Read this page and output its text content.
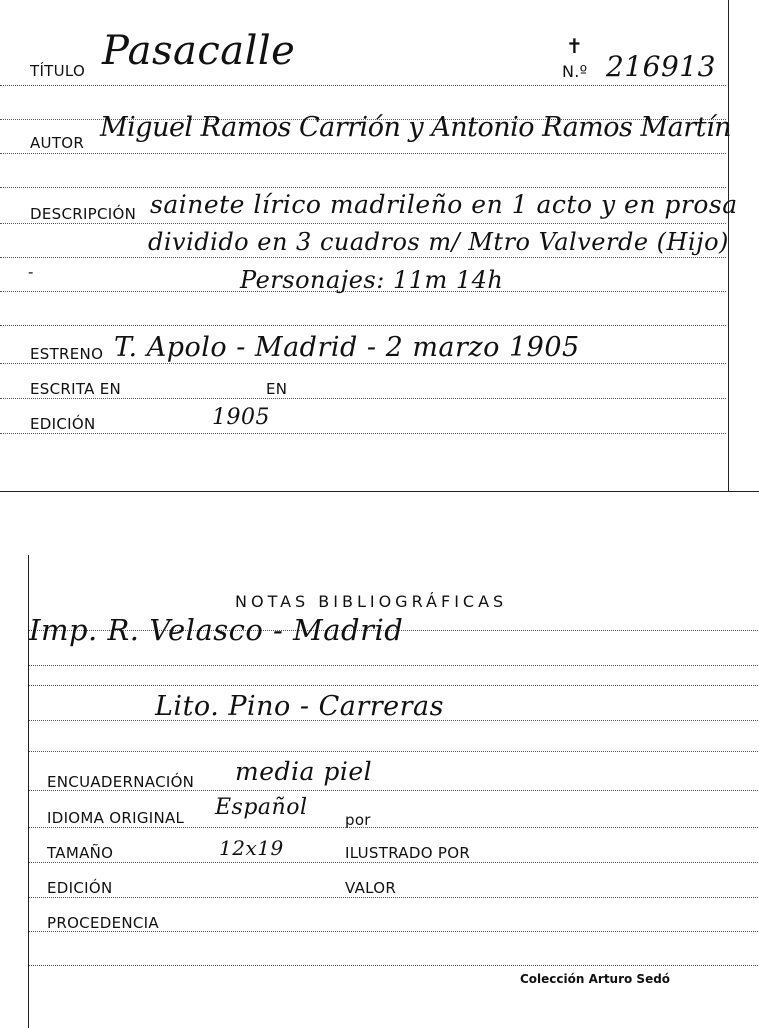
TÍTULO Pasacalle	✝
N.º 216913
AUTOR Miguel Ramos Carrión y Antonio Ramos Martín
DESCRIPCIÓN sainete lírico madrileño en 1 acto y en prosa
dividido en 3 cuadros m/ Mtro Valverde (Hijo)
Personajes: 11m 14h
-
ESTRENO T. Apolo - Madrid - 2 marzo 1905
ESCRITA EN	EN
EDICIÓN	1905
NOTAS BIBLIOGRÁFICAS
Imp. R. Velasco - Madrid
Lito. Pino - Carreras
ENCUADERNACIÓN media piel
IDIOMA ORIGINAL Español	por
TAMAÑO	12x19	ILUSTRADO POR
EDICIÓN	VALOR
PROCEDENCIA
Colección Arturo Sedó
